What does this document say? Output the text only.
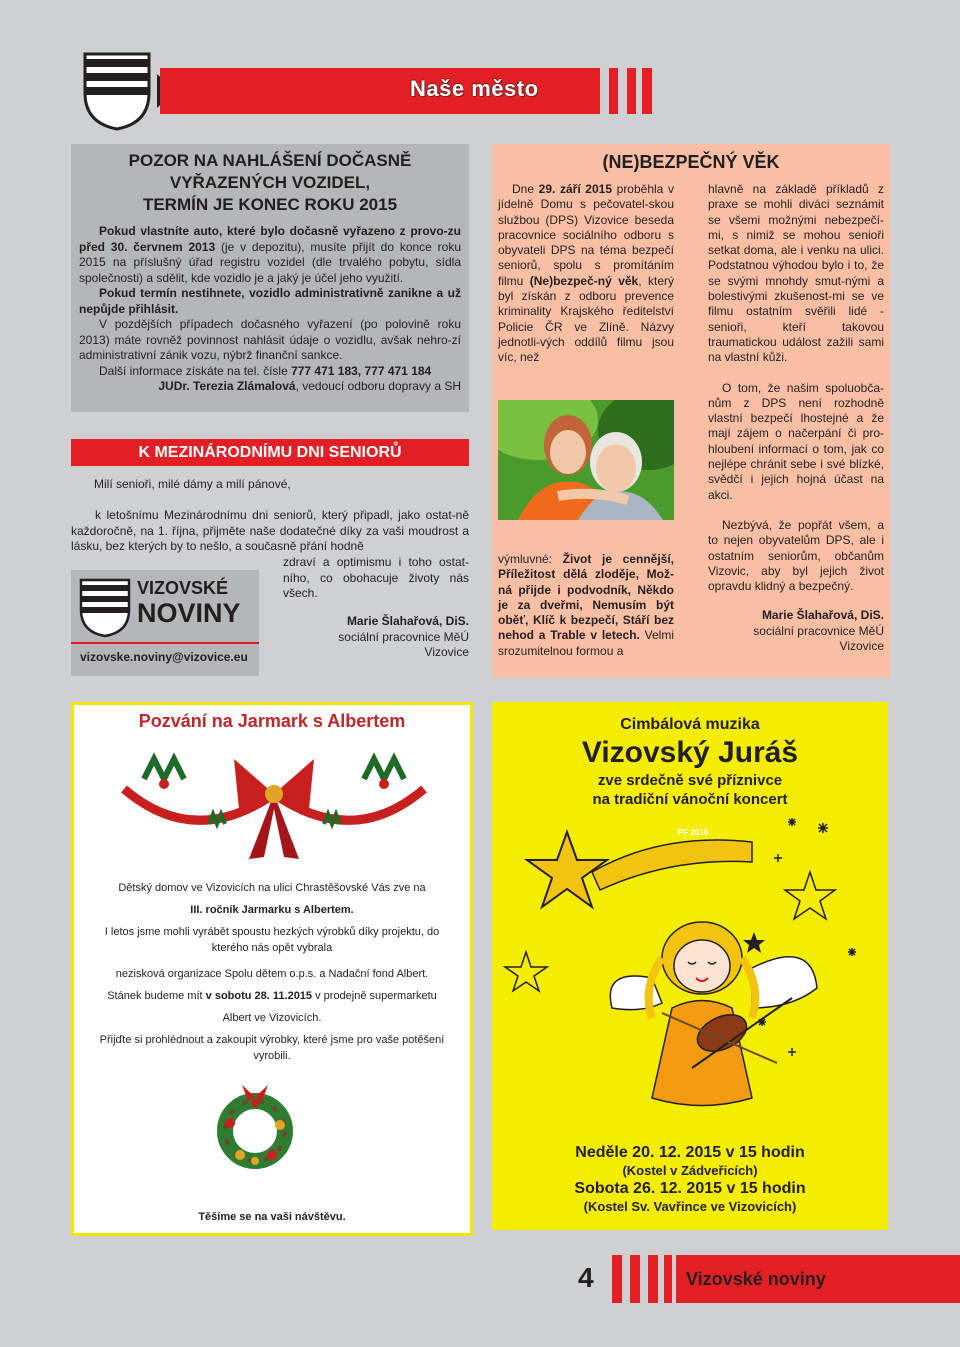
Naše město
POZOR NA NAHLÁŠENÍ DOČASNĚ
VYŘAZENÝCH VOZIDEL,
TERMÍN JE KONEC ROKU 2015

Pokud vlastníte auto, které bylo dočasně vyřazeno z provo-zu před 30. červnem 2013 (je v depozitu), musíte přijít do konce roku 2015 na příslušný úřad registru vozidel (dle trvalého pobytu, sídla společnosti) a sdělit, kde vozidlo je a jaký je účel jeho využití.

Pokud termín nestihnete, vozidlo administrativně zanikne a už nepůjde přihlásit.

V pozdějších případech dočasného vyřazení (po polovině roku 2013) máte rovněž povinnost nahlásit údaje o vozidlu, avšak nehro-zí administrativní zánik vozu, nýbrž finanční sankce.

Další informace získáte na tel. čísle 777 471 183, 777 471 184

JUDr. Terezia Zlámalová, vedoucí odboru dopravy a SH

K MEZINÁRODNÍMU DNI SENIORŮ
Milí senioři, milé dámy a milí pánové,
k letošnímu Mezinárodnímu dni seniorů, který připadl, jako ostat-ně každoročně, na 1. října, přijměte naše dodatečné díky za vaši moudrost a lásku, bez kterých by to nešlo, a současně přání hodně
zdraví a optimismu i toho ostat-ního, co obohacuje životy nás všech.
Marie Šlahařová, DiS.
sociální pracovnice MěÚ
Vizovice
VIZOVSKÉ
NOVINY
vizovske.noviny@vizovice.eu
(NE)BEZPEČNÝ VĚK

Dne 29. září 2015 proběhla v jídelně Domu s pečovatel-skou službou (DPS) Vizovice beseda pracovnice sociálního odboru s obyvateli DPS na téma bezpečí seniorů, spolu s promítáním filmu (Ne)bezpeč-ný věk, který byl získán z odboru prevence kriminality Krajského ředitelství Policie ČR ve Zlíně. Názvy jednotli-vých oddílů filmu jsou víc, než

výmluvné: Život je cennější, Příležitost dělá zloděje, Mož-ná přijde i podvodník, Někdo je za dveřmi, Nemusím být oběť, Klíč k bezpečí, Stáří bez nehod a Trable v letech. Velmi srozumitelnou formou a

hlavně na základě příkladů z praxe se mohli diváci seznámit se všemi možnými nebezpečí-mi, s nimiž se mohou senioři setkat doma, ale i venku na ulici. Podstatnou výhodou bylo i to, že se svými mnohdy smut-nými a bolestivými zkušenost-mi se ve filmu ostatním svěřili lidé - senioři, kteří takovou traumatickou událost zažili sami na vlastní kůži.

O tom, že našim spoluobča-nům z DPS není rozhodně vlastní bezpečí lhostejné a že mají zájem o načerpání či pro-hloubení informací o tom, jak co nejlépe chránit sebe i své blízké, svědčí i jejich hojná účast na akci.

Nezbývá, že popřát všem, a to nejen obyvatelům DPS, ale i ostatním seniorům, občanům Vizovic, aby byl jejich život opravdu klidný a bezpečný.

Marie Šlahařová, DiS.
sociální pracovnice MěÚ
Vizovice
Pozvání na Jarmark s Albertem
Dětský domov ve Vizovicích na ulici Chrastěšovské Vás zve na
III. ročník Jarmarku s Albertem.
I letos jsme mohli vyrábět spoustu hezkých výrobků díky projektu, do
kterého nás opět vybrala
nezisková organizace Spolu dětem o.p.s. a Nadační fond Albert.
Stánek budeme mít v sobotu 28. 11.2015 v prodejně supermarketu
Albert ve Vizovicích.
Přijďte si prohlédnout a zakoupit výrobky, které jsme pro vaše potěšení
vyrobili.
Těšíme se na vaši návštěvu.
Cimbálová muzika
Vizovský Juráš
zve srdečně své příznivce
na tradiční vánoční koncert
PF 2016
Neděle 20. 12. 2015 v 15 hodin
(Kostel v Zádveřicích)
Sobota 26. 12. 2015 v 15 hodin
(Kostel Sv. Vavřince ve Vizovicích)
4	Vizovské noviny
